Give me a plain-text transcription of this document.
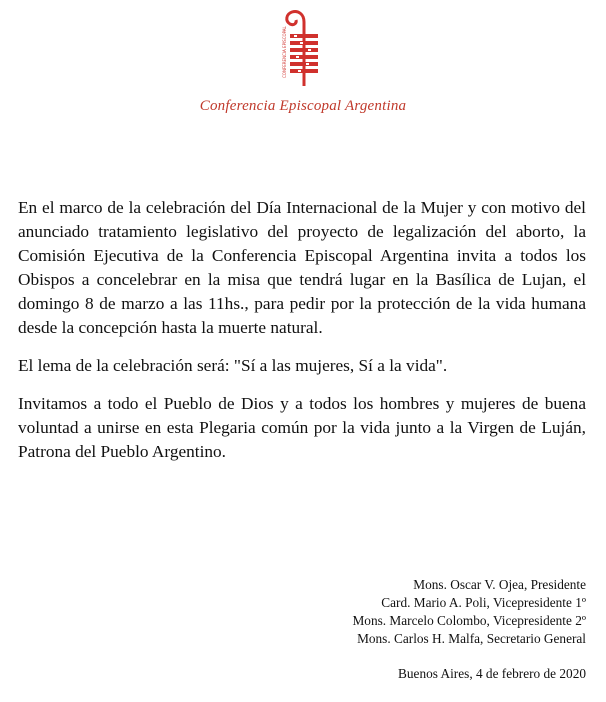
CONFERENCIA EPISCOPAL
Conferencia Episcopal Argentina

En el marco de la celebración del Día Internacional de la Mujer y con motivo del anunciado tratamiento legislativo del proyecto de legalización del aborto, la Comisión Ejecutiva de la Conferencia Episcopal Argentina invita a todos los Obispos a concelebrar en la misa que tendrá lugar en la Basílica de Lujan, el domingo 8 de marzo a las 11hs., para pedir por la protección de la vida humana desde la concepción hasta la muerte natural.

El lema de la celebración será: "Sí a las mujeres, Sí a la vida".

Invitamos a todo el Pueblo de Dios y a todos los hombres y mujeres de buena voluntad a unirse en esta Plegaria común por la vida junto a la Virgen de Luján, Patrona del Pueblo Argentino.

Mons. Oscar V. Ojea, Presidente
Card. Mario A. Poli, Vicepresidente 1º
Mons. Marcelo Colombo, Vicepresidente 2º
Mons. Carlos H. Malfa, Secretario General
Buenos Aires, 4 de febrero de 2020
